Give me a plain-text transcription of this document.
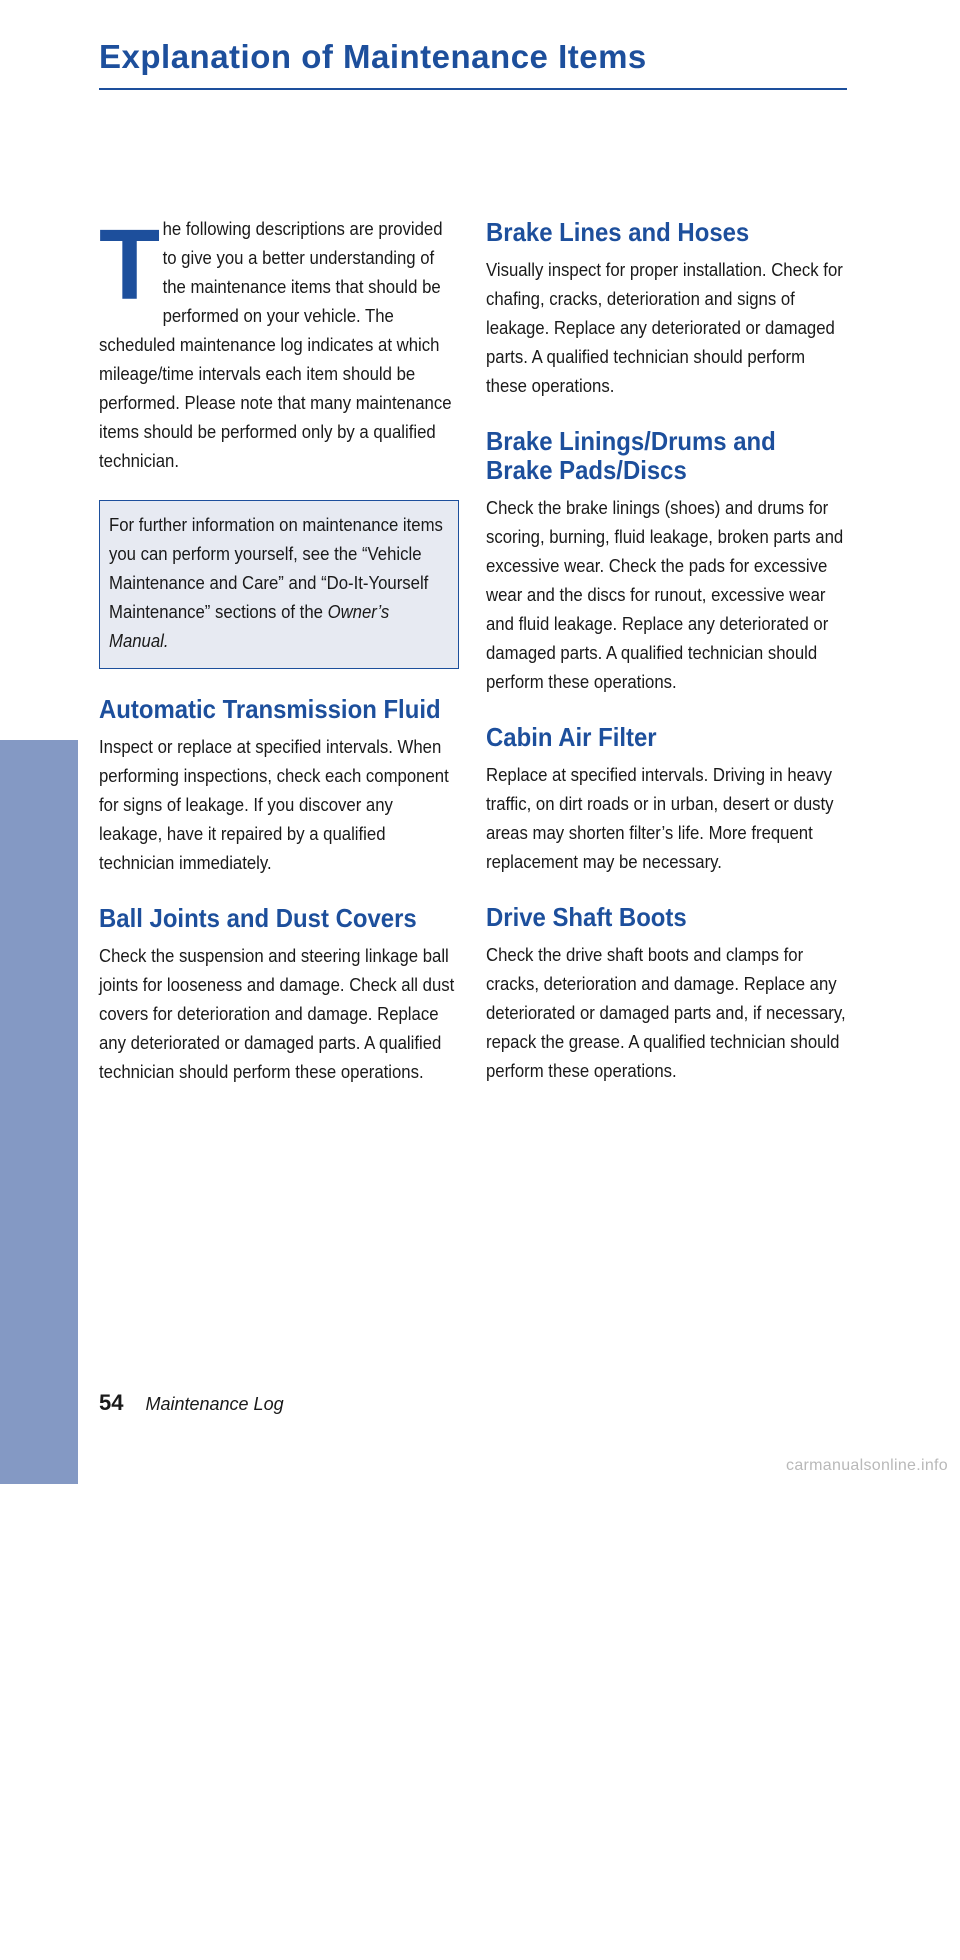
Explanation of Maintenance Items
MAINTENANCE
T he following descriptions are provided to give you a better understanding of the maintenance items that should be performed on your vehicle. The scheduled maintenance log indicates at which mileage/time intervals each item should be performed. Please note that many maintenance items should be performed only by a qualified technician.

For further information on maintenance items you can perform yourself, see the “Vehicle Maintenance and Care” and “Do-It-Yourself Maintenance” sections of the Owner’s Manual.

Automatic Transmission Fluid

Inspect or replace at specified intervals. When performing inspections, check each component for signs of leakage. If you discover any leakage, have it repaired by a qualified technician immediately.

Ball Joints and Dust Covers

Check the suspension and steering linkage ball joints for looseness and damage. Check all dust covers for deterioration and damage. Replace any deteriorated or damaged parts. A qualified technician should perform these operations.

Brake Lines and Hoses

Visually inspect for proper installation. Check for chafing, cracks, deterioration and signs of leakage. Replace any deteriorated or damaged parts. A qualified technician should perform these operations.

Brake Linings/Drums and Brake Pads/Discs

Check the brake linings (shoes) and drums for scoring, burning, fluid leakage, broken parts and excessive wear. Check the pads for excessive wear and the discs for runout, excessive wear and fluid leakage. Replace any deteriorated or damaged parts. A qualified technician should perform these operations.

Cabin Air Filter

Replace at specified intervals. Driving in heavy traffic, on dirt roads or in urban, desert or dusty areas may shorten filter’s life. More frequent replacement may be necessary.

Drive Shaft Boots

Check the drive shaft boots and clamps for cracks, deterioration and damage. Replace any deteriorated or damaged parts and, if necessary, repack the grease. A qualified technician should perform these operations.

54 Maintenance Log
carmanualsonline.info
